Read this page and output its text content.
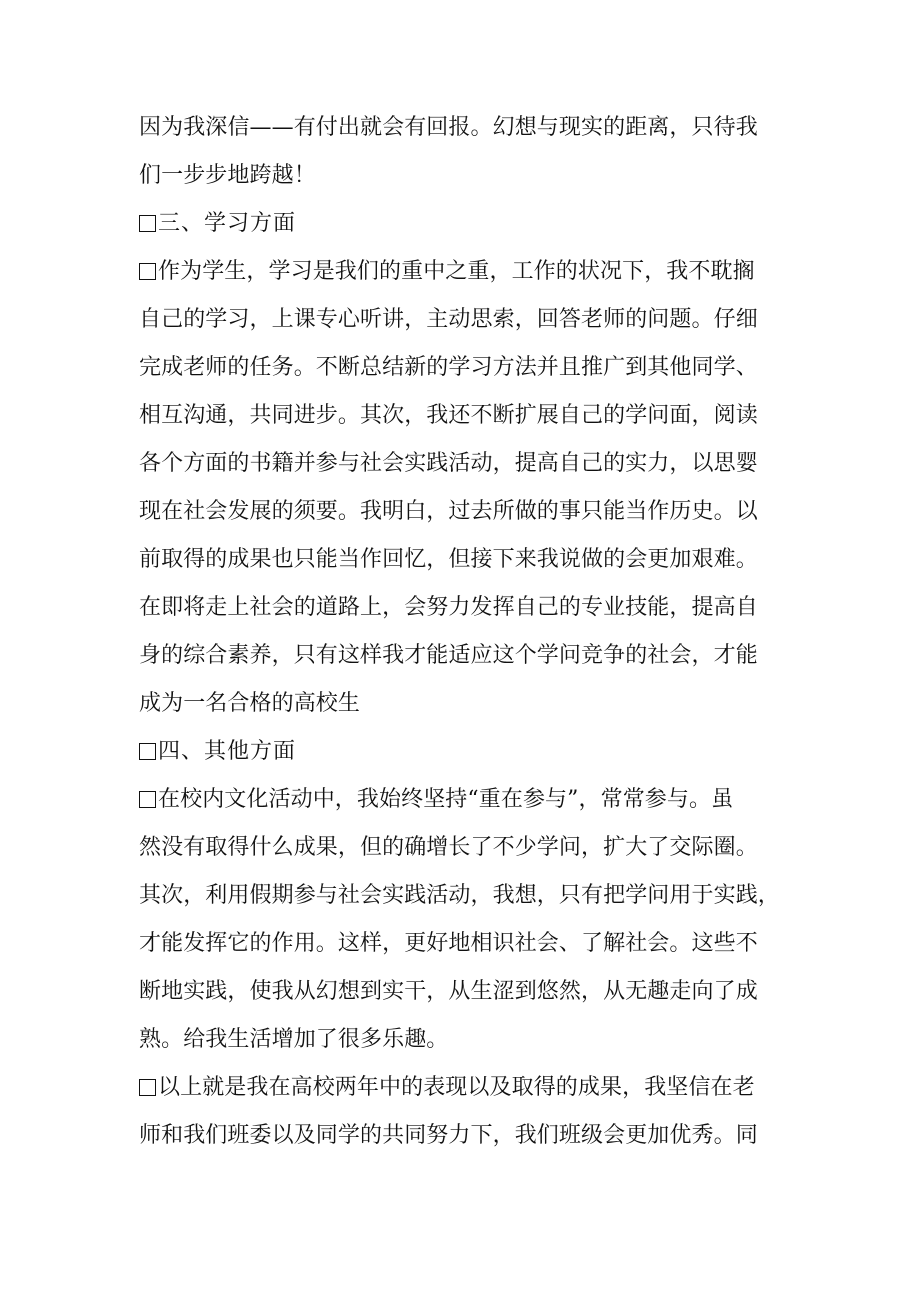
因为我深信——有付出就会有回报。幻想与现实的距离，只待我
们一步步地跨越！
三、学习方面
作为学生，学习是我们的重中之重，工作的状况下，我不耽搁
自己的学习，上课专心听讲，主动思索，回答老师的问题。仔细
完成老师的任务。不断总结新的学习方法并且推广到其他同学、
相互沟通，共同进步。其次，我还不断扩展自己的学问面，阅读
各个方面的书籍并参与社会实践活动，提高自己的实力，以思婴
现在社会发展的须要。我明白，过去所做的事只能当作历史。以
前取得的成果也只能当作回忆，但接下来我说做的会更加艰难。
在即将走上社会的道路上，会努力发挥自己的专业技能，提高自
身的综合素养，只有这样我才能适应这个学问竞争的社会，才能
成为一名合格的高校生
四、其他方面
在校内文化活动中，我始终坚持“重在参与”，常常参与。虽
然没有取得什么成果，但的确增长了不少学问，扩大了交际圈。
其次，利用假期参与社会实践活动，我想，只有把学问用于实践，
才能发挥它的作用。这样，更好地相识社会、了解社会。这些不
断地实践，使我从幻想到实干，从生涩到悠然，从无趣走向了成
熟。给我生活增加了很多乐趣。
以上就是我在高校两年中的表现以及取得的成果，我坚信在老
师和我们班委以及同学的共同努力下，我们班级会更加优秀。同
